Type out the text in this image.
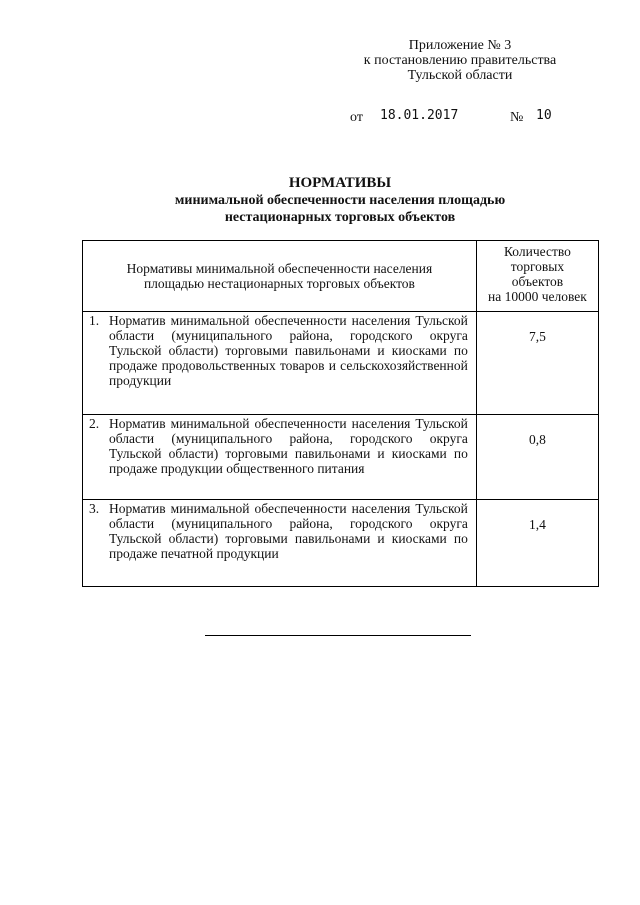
Приложение № 3
к постановлению правительства
Тульской области
от 18.01.2017	№ 10
НОРМАТИВЫ
минимальной обеспеченности населения площадью
нестационарных торговых объектов
Нормативы минимальной обеспеченности населения площадью нестационарных торговых объектов	Количество
торговых
объектов
на 10000 человек

1. Норматив минимальной обеспеченности населения Тульской области (муниципального района, городского округа Тульской области) торговыми павильонами и киосками по продаже продовольственных товаров и сельскохозяйственной продукции	7,5

2. Норматив минимальной обеспеченности населения Тульской области (муниципального района, городского округа Тульской области) торговыми павильонами и киосками по продаже продукции общественного питания	0,8

3. Норматив минимальной обеспеченности населения Тульской области (муниципального района, городского округа Тульской области) торговыми павильонами и киосками по продаже печатной продукции	1,4
